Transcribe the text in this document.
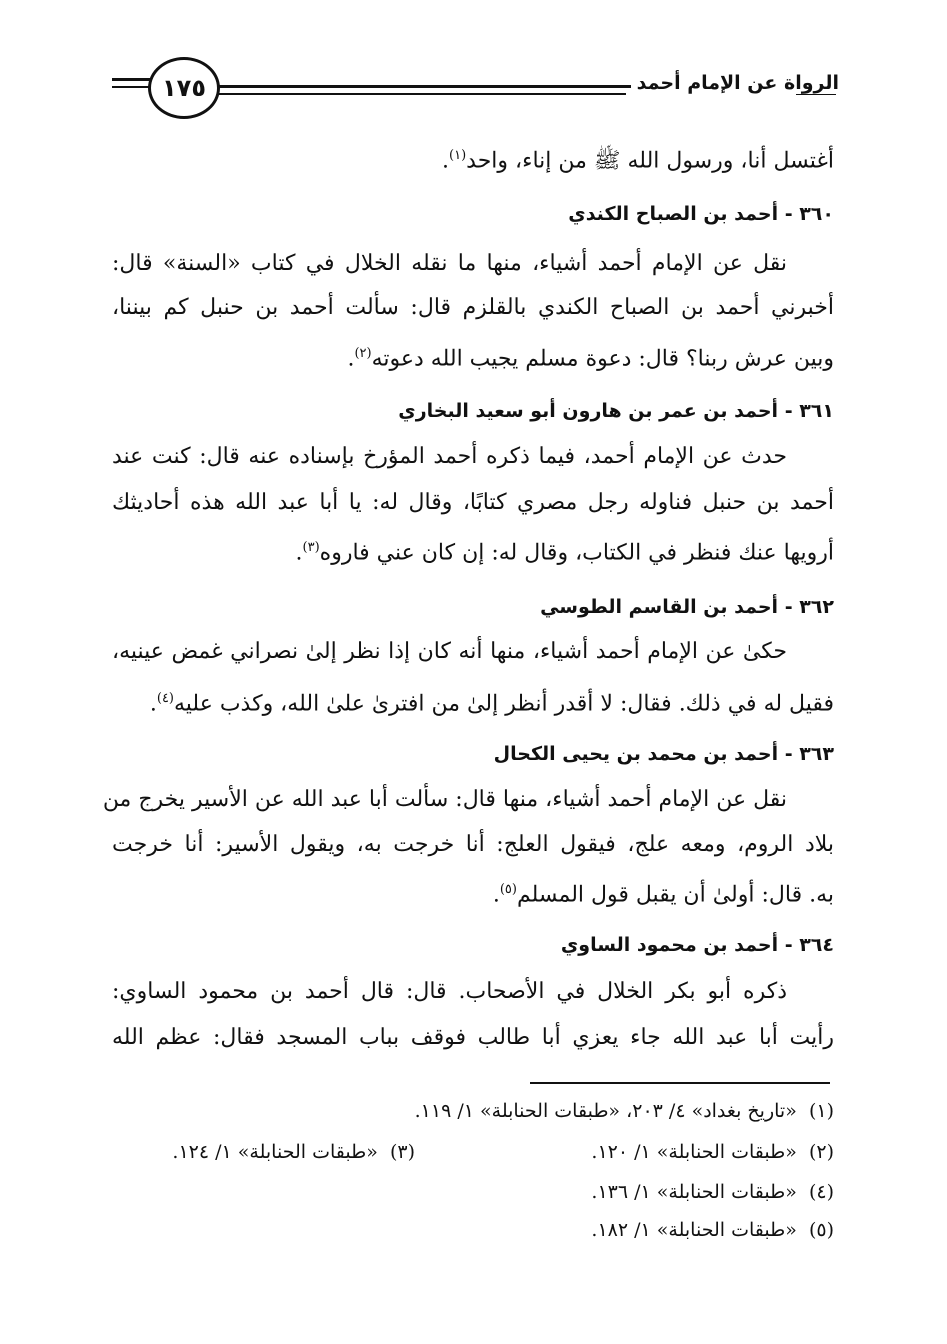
الرواة عن الإمام أحمد
١٧٥
أغتسل أنا، ورسول الله ﷺ من إناء، واحد$^{(١)}$.
٣٦٠ - أحمد بن الصباح الكندي
نقل عن الإمام أحمد أشياء، منها ما نقله الخلال في كتاب «السنة» قال:
أخبرني أحمد بن الصباح الكندي بالقلزم قال: سألت أحمد بن حنبل كم بيننا،
وبين عرش ربنا؟ قال: دعوة مسلم يجيب الله دعوته$^{(٢)}$.
٣٦١ - أحمد بن عمر بن هارون أبو سعيد البخاري
حدث عن الإمام أحمد، فيما ذكره أحمد المؤرخ بإسناده عنه قال: كنت عند
أحمد بن حنبل فناوله رجل مصري كتابًا، وقال له: يا أبا عبد الله هذه أحاديثك
أرويها عنك فنظر في الكتاب، وقال له: إن كان عني فاروه$^{(٣)}$.
٣٦٢ - أحمد بن القاسم الطوسي
حكىٰ عن الإمام أحمد أشياء، منها أنه كان إذا نظر إلىٰ نصراني غمض عينيه،
فقيل له في ذلك. فقال: لا أقدر أنظر إلىٰ من افترىٰ علىٰ الله، وكذب عليه$^{(٤)}$.
٣٦٣ - أحمد بن محمد بن يحيى الكحال
نقل عن الإمام أحمد أشياء، منها قال: سألت أبا عبد الله عن الأسير يخرج من
بلاد الروم، ومعه علج، فيقول العلج: أنا خرجت به، ويقول الأسير: أنا خرجت
به. قال: أولىٰ أن يقبل قول المسلم$^{(٥)}$.
٣٦٤ - أحمد بن محمود الساوي
ذكره أبو بكر الخلال في الأصحاب. قال: قال أحمد بن محمود الساوي:
رأيت أبا عبد الله جاء يعزي أبا طالب فوقف بباب المسجد فقال: عظم الله
(١)  «تاريخ بغداد» ٤/ ٢٠٣، «طبقات الحنابلة» ١/ ١١٩.
(٢)  «طبقات الحنابلة» ١/ ١٢٠.
(٣)  «طبقات الحنابلة» ١/ ١٢٤.
(٤)  «طبقات الحنابلة» ١/ ١٣٦.
(٥)  «طبقات الحنابلة» ١/ ١٨٢.
